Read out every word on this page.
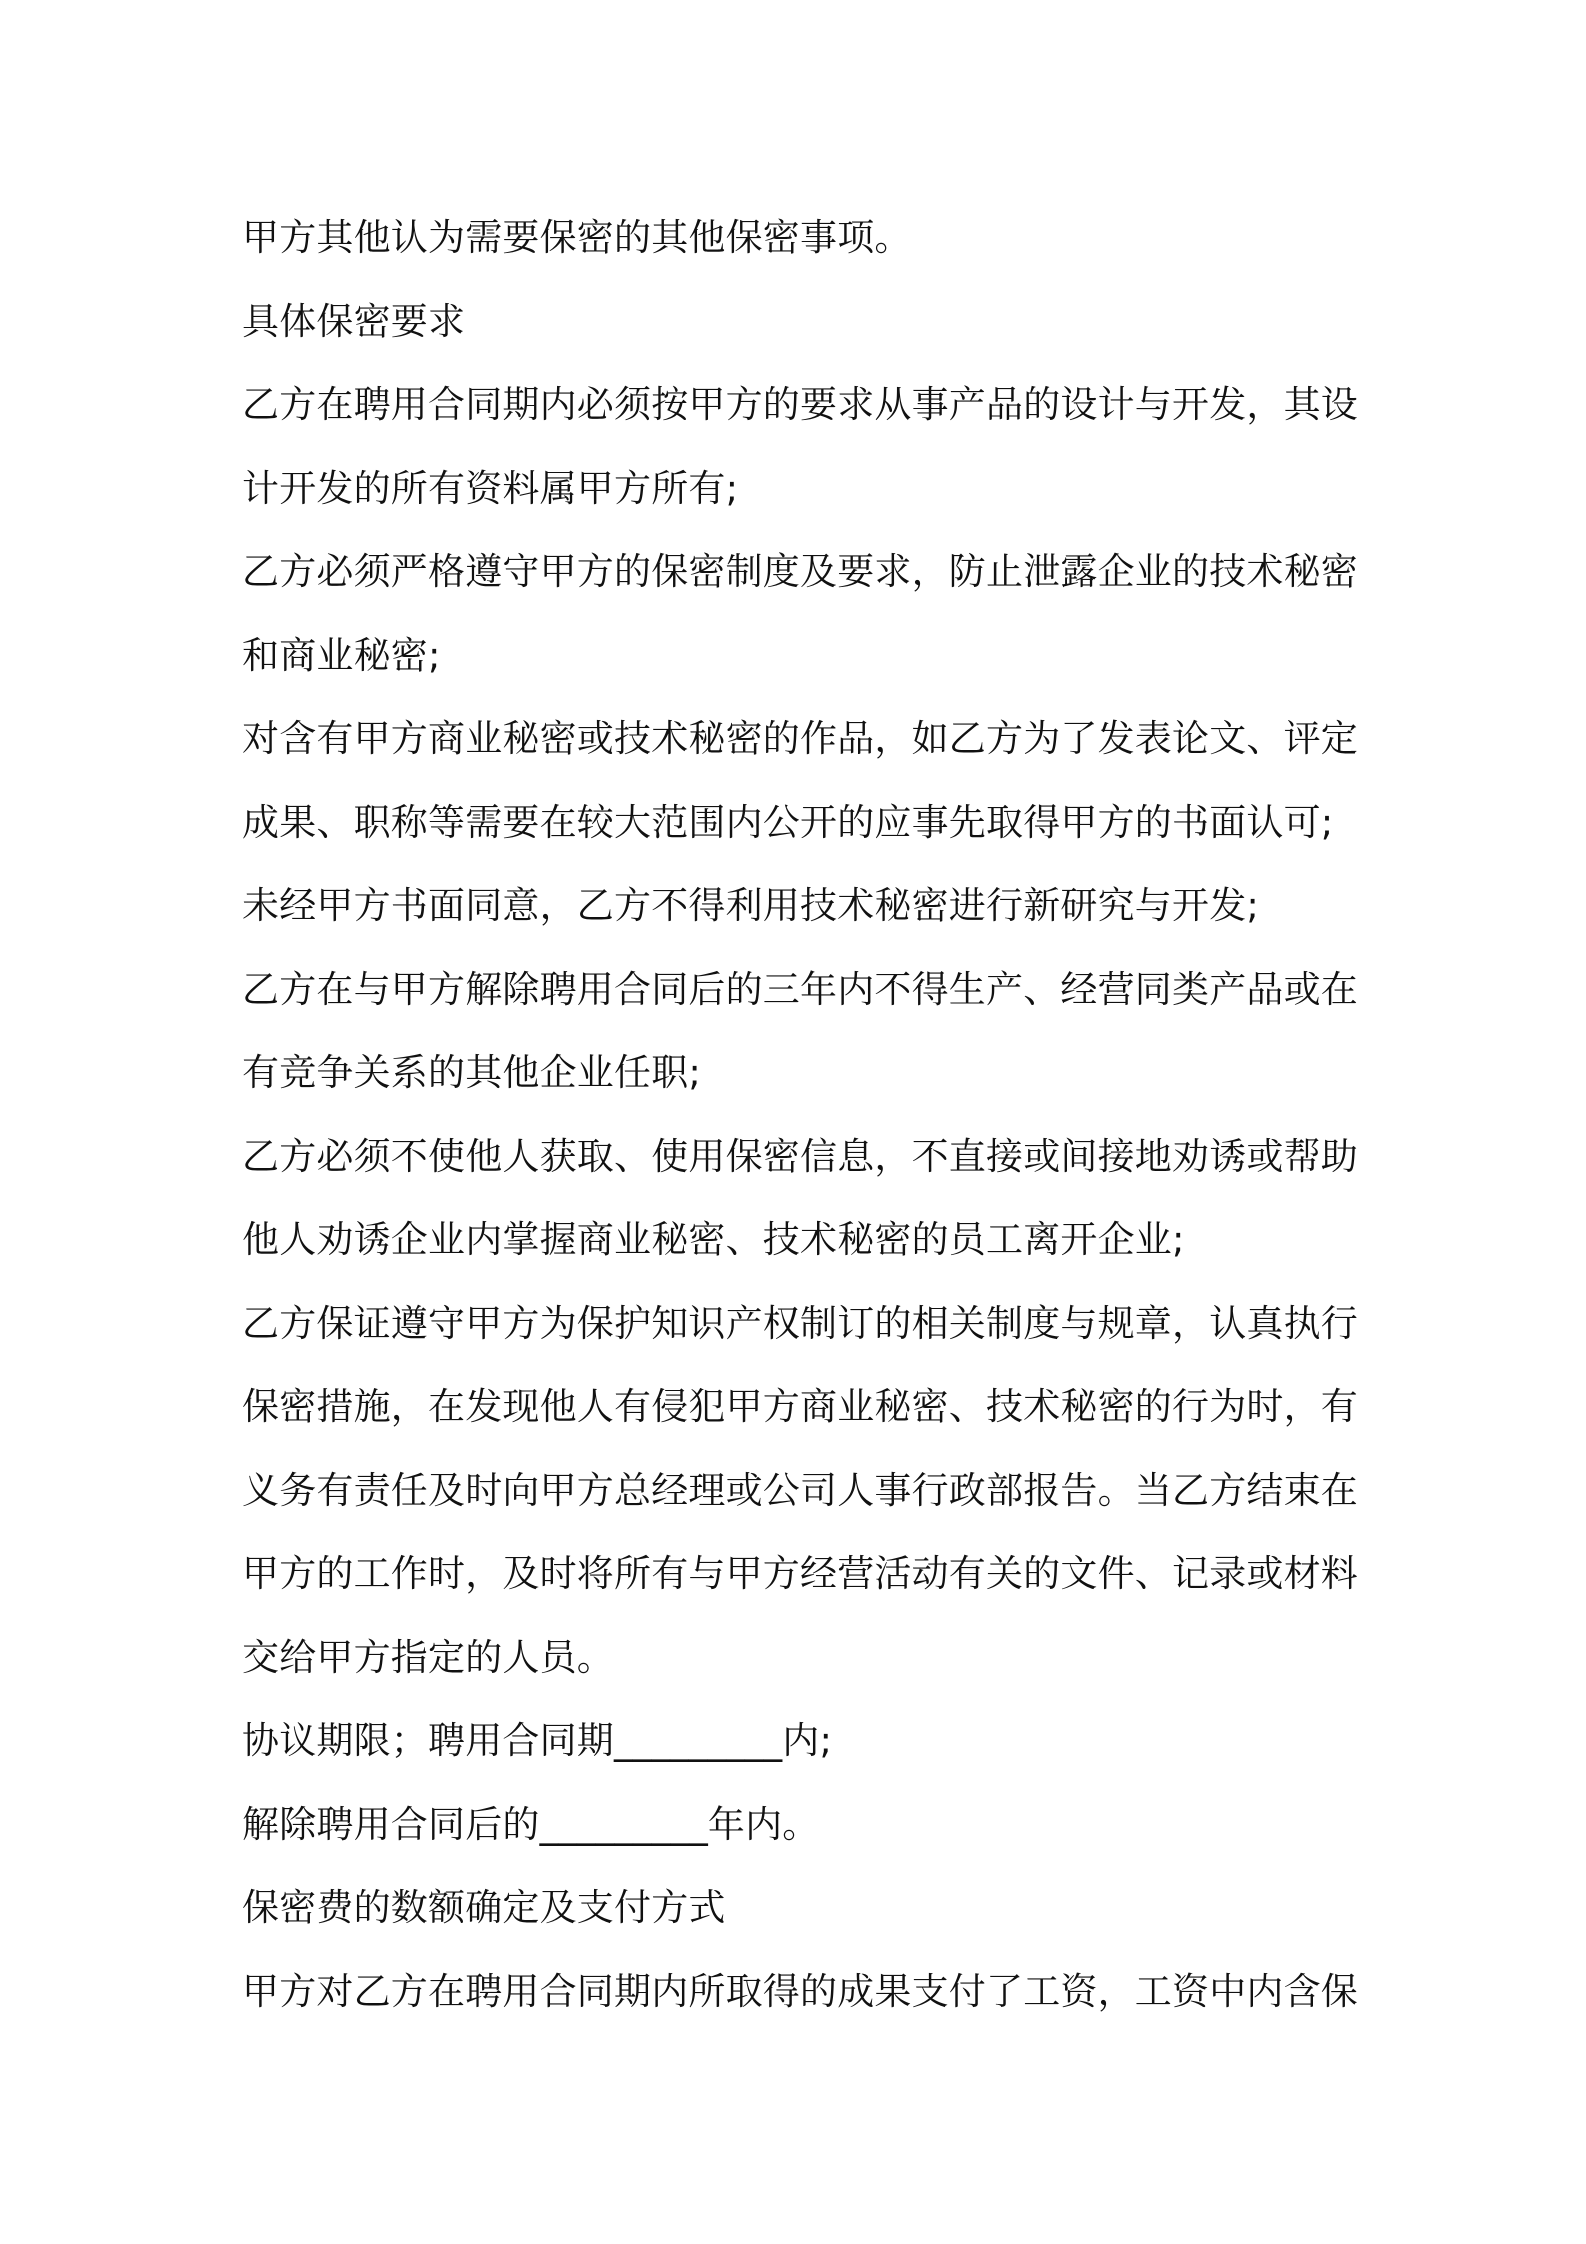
甲方其他认为需要保密的其他保密事项。
具体保密要求
乙方在聘用合同期内必须按甲方的要求从事产品的设计与开发，其设
计开发的所有资料属甲方所有;
乙方必须严格遵守甲方的保密制度及要求，防止泄露企业的技术秘密
和商业秘密;
对含有甲方商业秘密或技术秘密的作品，如乙方为了发表论文、评定
成果、职称等需要在较大范围内公开的应事先取得甲方的书面认可;
未经甲方书面同意，乙方不得利用技术秘密进行新研究与开发;
乙方在与甲方解除聘用合同后的三年内不得生产、经营同类产品或在
有竞争关系的其他企业任职;
乙方必须不使他人获取、使用保密信息，不直接或间接地劝诱或帮助
他人劝诱企业内掌握商业秘密、技术秘密的员工离开企业;
乙方保证遵守甲方为保护知识产权制订的相关制度与规章，认真执行
保密措施，在发现他人有侵犯甲方商业秘密、技术秘密的行为时，有
义务有责任及时向甲方总经理或公司人事行政部报告。当乙方结束在
甲方的工作时，及时将所有与甲方经营活动有关的文件、记录或材料
交给甲方指定的人员。
协议期限；聘用合同期_________内;
解除聘用合同后的_________年内。
保密费的数额确定及支付方式
甲方对乙方在聘用合同期内所取得的成果支付了工资，工资中内含保
